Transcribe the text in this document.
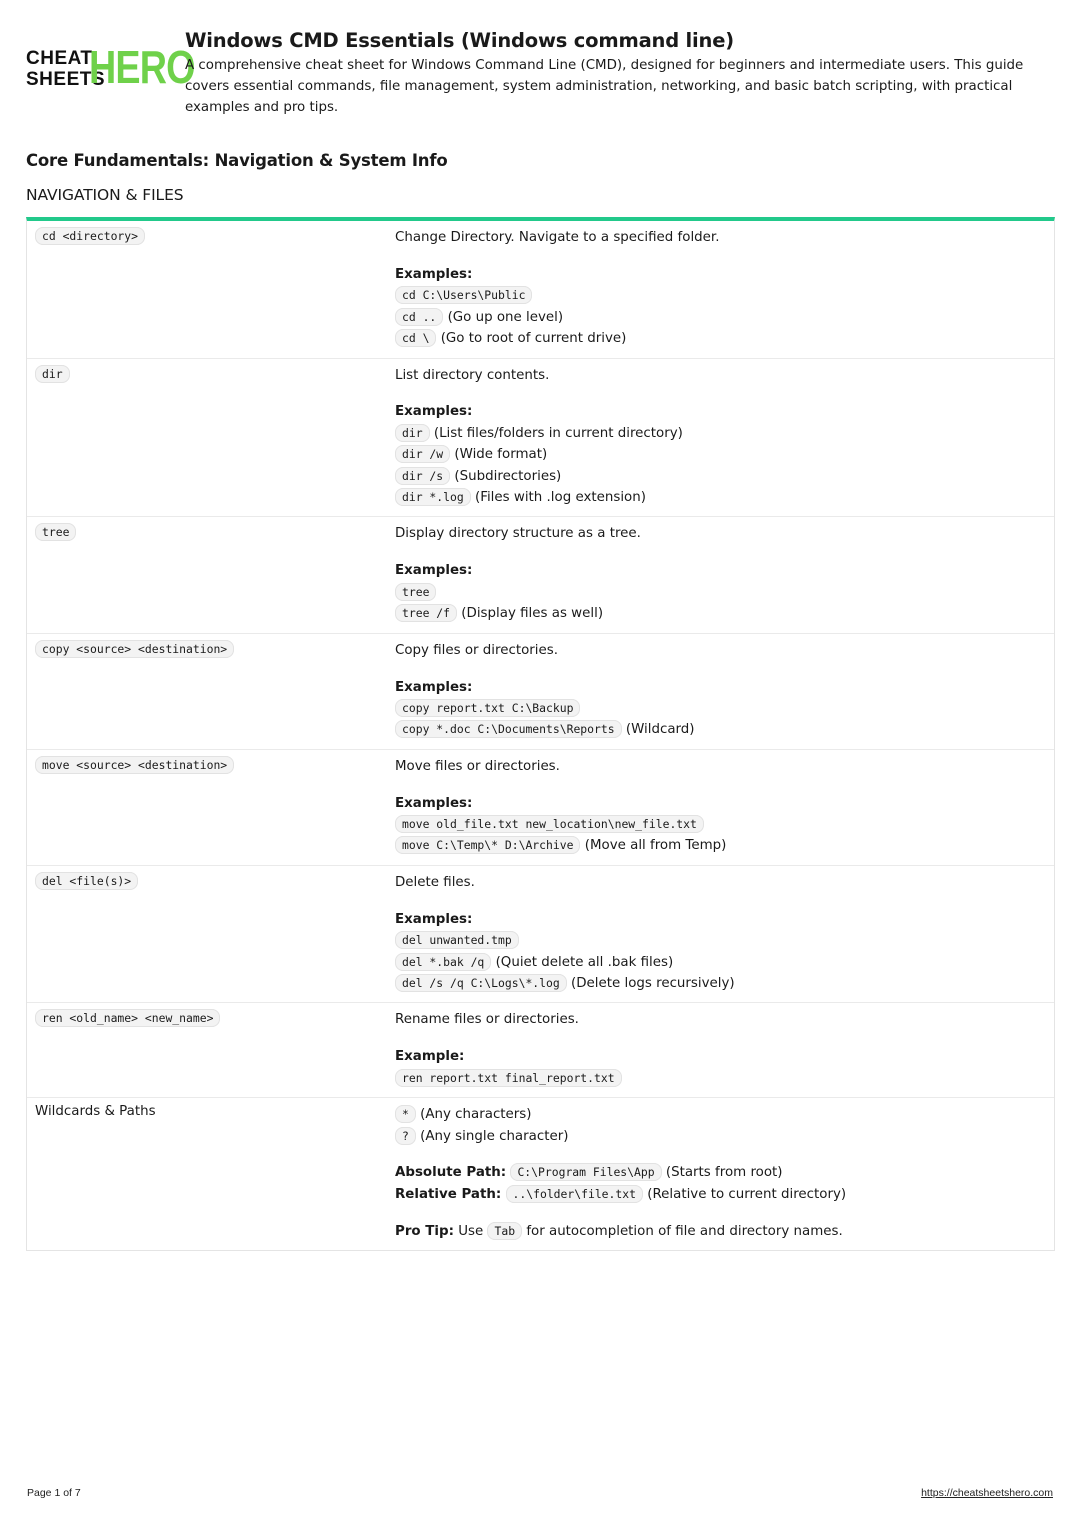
CHEAT
SHEETS
HERO
Windows CMD Essentials (Windows command line)

A comprehensive cheat sheet for Windows Command Line (CMD), designed for beginners and intermediate users. This guide covers essential commands, file management, system administration, networking, and basic batch scripting, with practical examples and pro tips.

Core Fundamentals: Navigation & System Info
NAVIGATION & FILES
cd <directory>	Change Directory. Navigate to a specified folder.
Examples:
cd C:\Users\Public
cd .. (Go up one level)
cd \ (Go to root of current drive)
dir	List directory contents.
Examples:
dir (List files/folders in current directory)
dir /w (Wide format)
dir /s (Subdirectories)
dir *.log (Files with .log extension)
tree	Display directory structure as a tree.
Examples:
tree
tree /f (Display files as well)
copy <source> <destination>	Copy files or directories.
Examples:
copy report.txt C:\Backup
copy *.doc C:\Documents\Reports (Wildcard)
move <source> <destination>	Move files or directories.
Examples:
move old_file.txt new_location\new_file.txt
move C:\Temp\* D:\Archive (Move all from Temp)
del <file(s)>	Delete files.
Examples:
del unwanted.tmp
del *.bak /q (Quiet delete all .bak files)
del /s /q C:\Logs\*.log (Delete logs recursively)
ren <old_name> <new_name>	Rename files or directories.
Example:
ren report.txt final_report.txt
Wildcards & Paths	* (Any characters)
? (Any single character)
Absolute Path: C:\Program Files\App (Starts from root)
Relative Path: ..\folder\file.txt (Relative to current directory)
Pro Tip: Use Tab for autocompletion of file and directory names.
Page 1 of 7	https://cheatsheetshero.com
